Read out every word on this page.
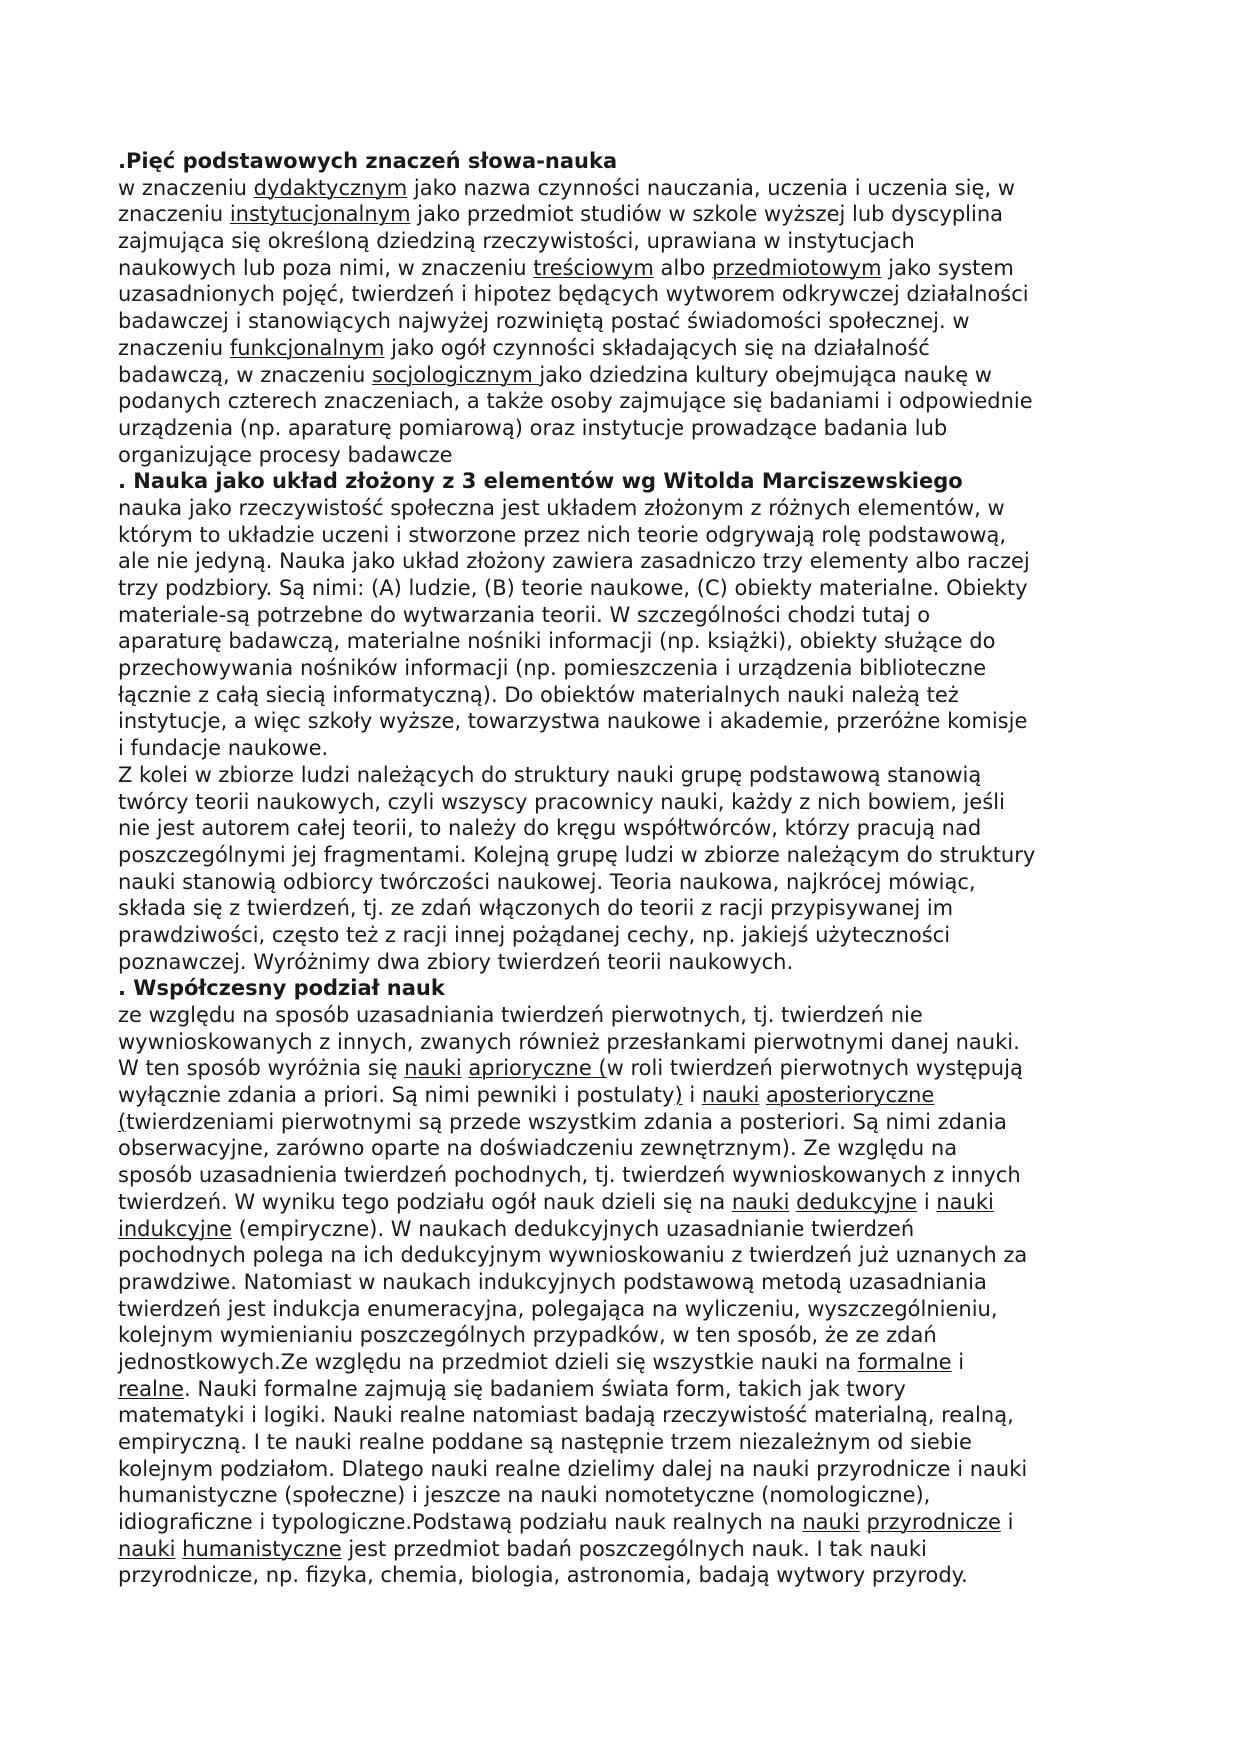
.Pięć podstawowych znaczeń słowa-nauka
w znaczeniu dydaktycznym jako nazwa czynności nauczania, uczenia i uczenia się, w
znaczeniu instytucjonalnym jako przedmiot studiów w szkole wyższej lub dyscyplina
zajmująca się określoną dziedziną rzeczywistości, uprawiana w instytucjach
naukowych lub poza nimi, w znaczeniu treściowym albo przedmiotowym jako system
uzasadnionych pojęć, twierdzeń i hipotez będących wytworem odkrywczej działalności
badawczej i stanowiących najwyżej rozwiniętą postać świadomości społecznej. w
znaczeniu funkcjonalnym jako ogół czynności składających się na działalność
badawczą, w znaczeniu socjologicznym jako dziedzina kultury obejmująca naukę w
podanych czterech znaczeniach, a także osoby zajmujące się badaniami i odpowiednie
urządzenia (np. aparaturę pomiarową) oraz instytucje prowadzące badania lub
organizujące procesy badawcze
. Nauka jako układ złożony z 3 elementów wg Witolda Marciszewskiego
nauka jako rzeczywistość społeczna jest układem złożonym z różnych elementów, w
którym to układzie uczeni i stworzone przez nich teorie odgrywają rolę podstawową,
ale nie jedyną. Nauka jako układ złożony zawiera zasadniczo trzy elementy albo raczej
trzy podzbiory. Są nimi: (A) ludzie, (B) teorie naukowe, (C) obiekty materialne. Obiekty
materiale-są potrzebne do wytwarzania teorii. W szczególności chodzi tutaj o
aparaturę badawczą, materialne nośniki informacji (np. książki), obiekty służące do
przechowywania nośników informacji (np. pomieszczenia i urządzenia biblioteczne
łącznie z całą siecią informatyczną). Do obiektów materialnych nauki należą też
instytucje, a więc szkoły wyższe, towarzystwa naukowe i akademie, przeróżne komisje
i fundacje naukowe.
Z kolei w zbiorze ludzi należących do struktury nauki grupę podstawową stanowią
twórcy teorii naukowych, czyli wszyscy pracownicy nauki, każdy z nich bowiem, jeśli
nie jest autorem całej teorii, to należy do kręgu współtwórców, którzy pracują nad
poszczególnymi jej fragmentami. Kolejną grupę ludzi w zbiorze należącym do struktury
nauki stanowią odbiorcy twórczości naukowej. Teoria naukowa, najkrócej mówiąc,
składa się z twierdzeń, tj. ze zdań włączonych do teorii z racji przypisywanej im
prawdziwości, często też z racji innej pożądanej cechy, np. jakiejś użyteczności
poznawczej. Wyróżnimy dwa zbiory twierdzeń teorii naukowych.
. Współczesny podział nauk
ze względu na sposób uzasadniania twierdzeń pierwotnych, tj. twierdzeń nie
wywnioskowanych z innych, zwanych również przesłankami pierwotnymi danej nauki.
W ten sposób wyróżnia się nauki aprioryczne (w roli twierdzeń pierwotnych występują
wyłącznie zdania a priori. Są nimi pewniki i postulaty) i nauki aposterioryczne
(twierdzeniami pierwotnymi są przede wszystkim zdania a posteriori. Są nimi zdania
obserwacyjne, zarówno oparte na doświadczeniu zewnętrznym). Ze względu na
sposób uzasadnienia twierdzeń pochodnych, tj. twierdzeń wywnioskowanych z innych
twierdzeń. W wyniku tego podziału ogół nauk dzieli się na nauki dedukcyjne i nauki
indukcyjne (empiryczne). W naukach dedukcyjnych uzasadnianie twierdzeń
pochodnych polega na ich dedukcyjnym wywnioskowaniu z twierdzeń już uznanych za
prawdziwe. Natomiast w naukach indukcyjnych podstawową metodą uzasadniania
twierdzeń jest indukcja enumeracyjna, polegająca na wyliczeniu, wyszczególnieniu,
kolejnym wymienianiu poszczególnych przypadków, w ten sposób, że ze zdań
jednostkowych.Ze względu na przedmiot dzieli się wszystkie nauki na formalne i
realne. Nauki formalne zajmują się badaniem świata form, takich jak twory
matematyki i logiki. Nauki realne natomiast badają rzeczywistość materialną, realną,
empiryczną. I te nauki realne poddane są następnie trzem niezależnym od siebie
kolejnym podziałom. Dlatego nauki realne dzielimy dalej na nauki przyrodnicze i nauki
humanistyczne (społeczne) i jeszcze na nauki nomotetyczne (nomologiczne),
idiograficzne i typologiczne.Podstawą podziału nauk realnych na nauki przyrodnicze i
nauki humanistyczne jest przedmiot badań poszczególnych nauk. I tak nauki
przyrodnicze, np. fizyka, chemia, biologia, astronomia, badają wytwory przyrody.
